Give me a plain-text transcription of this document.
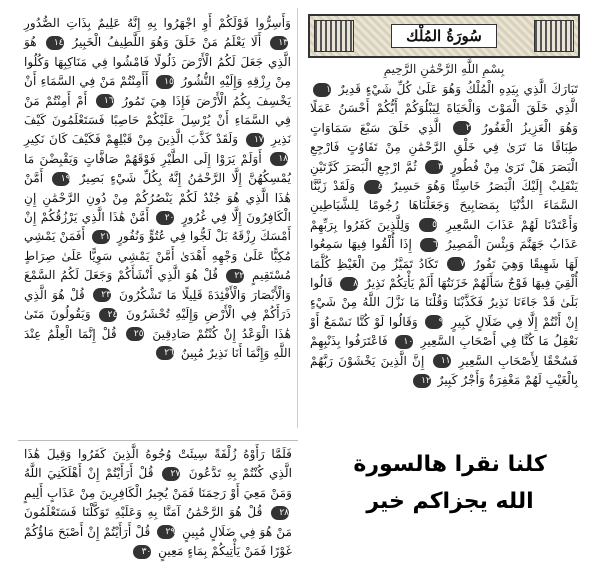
سُورَةُ المُلْك
بِسْمِ اللَّهِ الرَّحْمَٰنِ الرَّحِيمِ

تَبَارَكَ الَّذِي بِيَدِهِ الْمُلْكُ وَهُوَ عَلَىٰ كُلِّ شَيْءٍ قَدِيرٌ ١ الَّذِي خَلَقَ الْمَوْتَ وَالْحَيَاةَ لِيَبْلُوَكُمْ أَيُّكُمْ أَحْسَنُ عَمَلًا وَهُوَ الْعَزِيزُ الْغَفُورُ ٢ الَّذِي خَلَقَ سَبْعَ سَمَاوَاتٍ طِبَاقًا مَا تَرَىٰ فِي خَلْقِ الرَّحْمَٰنِ مِنْ تَفَاوُتٍ فَارْجِعِ الْبَصَرَ هَلْ تَرَىٰ مِنْ فُطُورٍ ٣ ثُمَّ ارْجِعِ الْبَصَرَ كَرَّتَيْنِ يَنْقَلِبْ إِلَيْكَ الْبَصَرُ خَاسِئًا وَهُوَ حَسِيرٌ ٤ وَلَقَدْ زَيَّنَّا السَّمَاءَ الدُّنْيَا بِمَصَابِيحَ وَجَعَلْنَاهَا رُجُومًا لِلشَّيَاطِينِ وَأَعْتَدْنَا لَهُمْ عَذَابَ السَّعِيرِ ٥ وَلِلَّذِينَ كَفَرُوا بِرَبِّهِمْ عَذَابُ جَهَنَّمَ وَبِئْسَ الْمَصِيرُ ٦ إِذَا أُلْقُوا فِيهَا سَمِعُوا لَهَا شَهِيقًا وَهِيَ تَفُورُ ٧ تَكَادُ تَمَيَّزُ مِنَ الْغَيْظِ كُلَّمَا أُلْقِيَ فِيهَا فَوْجٌ سَأَلَهُمْ خَزَنَتُهَا أَلَمْ يَأْتِكُمْ نَذِيرٌ ٨ قَالُوا بَلَىٰ قَدْ جَاءَنَا نَذِيرٌ فَكَذَّبْنَا وَقُلْنَا مَا نَزَّلَ اللَّهُ مِنْ شَيْءٍ إِنْ أَنْتُمْ إِلَّا فِي ضَلَالٍ كَبِيرٍ ٩ وَقَالُوا لَوْ كُنَّا نَسْمَعُ أَوْ نَعْقِلُ مَا كُنَّا فِي أَصْحَابِ السَّعِيرِ ١٠ فَاعْتَرَفُوا بِذَنْبِهِمْ فَسُحْقًا لِأَصْحَابِ السَّعِيرِ ١١ إِنَّ الَّذِينَ يَخْشَوْنَ رَبَّهُمْ بِالْغَيْبِ لَهُمْ مَغْفِرَةٌ وَأَجْرٌ كَبِيرٌ ١٢

وَأَسِرُّوا قَوْلَكُمْ أَوِ اجْهَرُوا بِهِ إِنَّهُ عَلِيمٌ بِذَاتِ الصُّدُورِ ١٣ أَلَا يَعْلَمُ مَنْ خَلَقَ وَهُوَ اللَّطِيفُ الْخَبِيرُ ١٤ هُوَ الَّذِي جَعَلَ لَكُمُ الْأَرْضَ ذَلُولًا فَامْشُوا فِي مَنَاكِبِهَا وَكُلُوا مِنْ رِزْقِهِ وَإِلَيْهِ النُّشُورُ ١٥ أَأَمِنْتُمْ مَنْ فِي السَّمَاءِ أَنْ يَخْسِفَ بِكُمُ الْأَرْضَ فَإِذَا هِيَ تَمُورُ ١٦ أَمْ أَمِنْتُمْ مَنْ فِي السَّمَاءِ أَنْ يُرْسِلَ عَلَيْكُمْ حَاصِبًا فَسَتَعْلَمُونَ كَيْفَ نَذِيرِ ١٧ وَلَقَدْ كَذَّبَ الَّذِينَ مِنْ قَبْلِهِمْ فَكَيْفَ كَانَ نَكِيرِ ١٨ أَوَلَمْ يَرَوْا إِلَى الطَّيْرِ فَوْقَهُمْ صَافَّاتٍ وَيَقْبِضْنَ مَا يُمْسِكُهُنَّ إِلَّا الرَّحْمَٰنُ إِنَّهُ بِكُلِّ شَيْءٍ بَصِيرٌ ١٩ أَمَّنْ هَٰذَا الَّذِي هُوَ جُنْدٌ لَكُمْ يَنْصُرُكُمْ مِنْ دُونِ الرَّحْمَٰنِ إِنِ الْكَافِرُونَ إِلَّا فِي غُرُورٍ ٢٠ أَمَّنْ هَٰذَا الَّذِي يَرْزُقُكُمْ إِنْ أَمْسَكَ رِزْقَهُ بَلْ لَجُّوا فِي عُتُوٍّ وَنُفُورٍ ٢١ أَفَمَنْ يَمْشِي مُكِبًّا عَلَىٰ وَجْهِهِ أَهْدَىٰ أَمَّنْ يَمْشِي سَوِيًّا عَلَىٰ صِرَاطٍ مُسْتَقِيمٍ ٢٢ قُلْ هُوَ الَّذِي أَنْشَأَكُمْ وَجَعَلَ لَكُمُ السَّمْعَ وَالْأَبْصَارَ وَالْأَفْئِدَةَ قَلِيلًا مَا تَشْكُرُونَ ٢٣ قُلْ هُوَ الَّذِي ذَرَأَكُمْ فِي الْأَرْضِ وَإِلَيْهِ تُحْشَرُونَ ٢٤ وَيَقُولُونَ مَتَىٰ هَٰذَا الْوَعْدُ إِنْ كُنْتُمْ صَادِقِينَ ٢٥ قُلْ إِنَّمَا الْعِلْمُ عِنْدَ اللَّهِ وَإِنَّمَا أَنَا نَذِيرٌ مُبِينٌ ٢٦

فَلَمَّا رَأَوْهُ زُلْفَةً سِيئَتْ وُجُوهُ الَّذِينَ كَفَرُوا وَقِيلَ هَٰذَا الَّذِي كُنْتُمْ بِهِ تَدَّعُونَ ٢٧ قُلْ أَرَأَيْتُمْ إِنْ أَهْلَكَنِيَ اللَّهُ وَمَنْ مَعِيَ أَوْ رَحِمَنَا فَمَنْ يُجِيرُ الْكَافِرِينَ مِنْ عَذَابٍ أَلِيمٍ ٢٨ قُلْ هُوَ الرَّحْمَٰنُ آمَنَّا بِهِ وَعَلَيْهِ تَوَكَّلْنَا فَسَتَعْلَمُونَ مَنْ هُوَ فِي ضَلَالٍ مُبِينٍ ٢٩ قُلْ أَرَأَيْتُمْ إِنْ أَصْبَحَ مَاؤُكُمْ غَوْرًا فَمَنْ يَأْتِيكُمْ بِمَاءٍ مَعِينٍ ٣٠

كلنا نقرا هالسورة
الله يجزاكم خير
